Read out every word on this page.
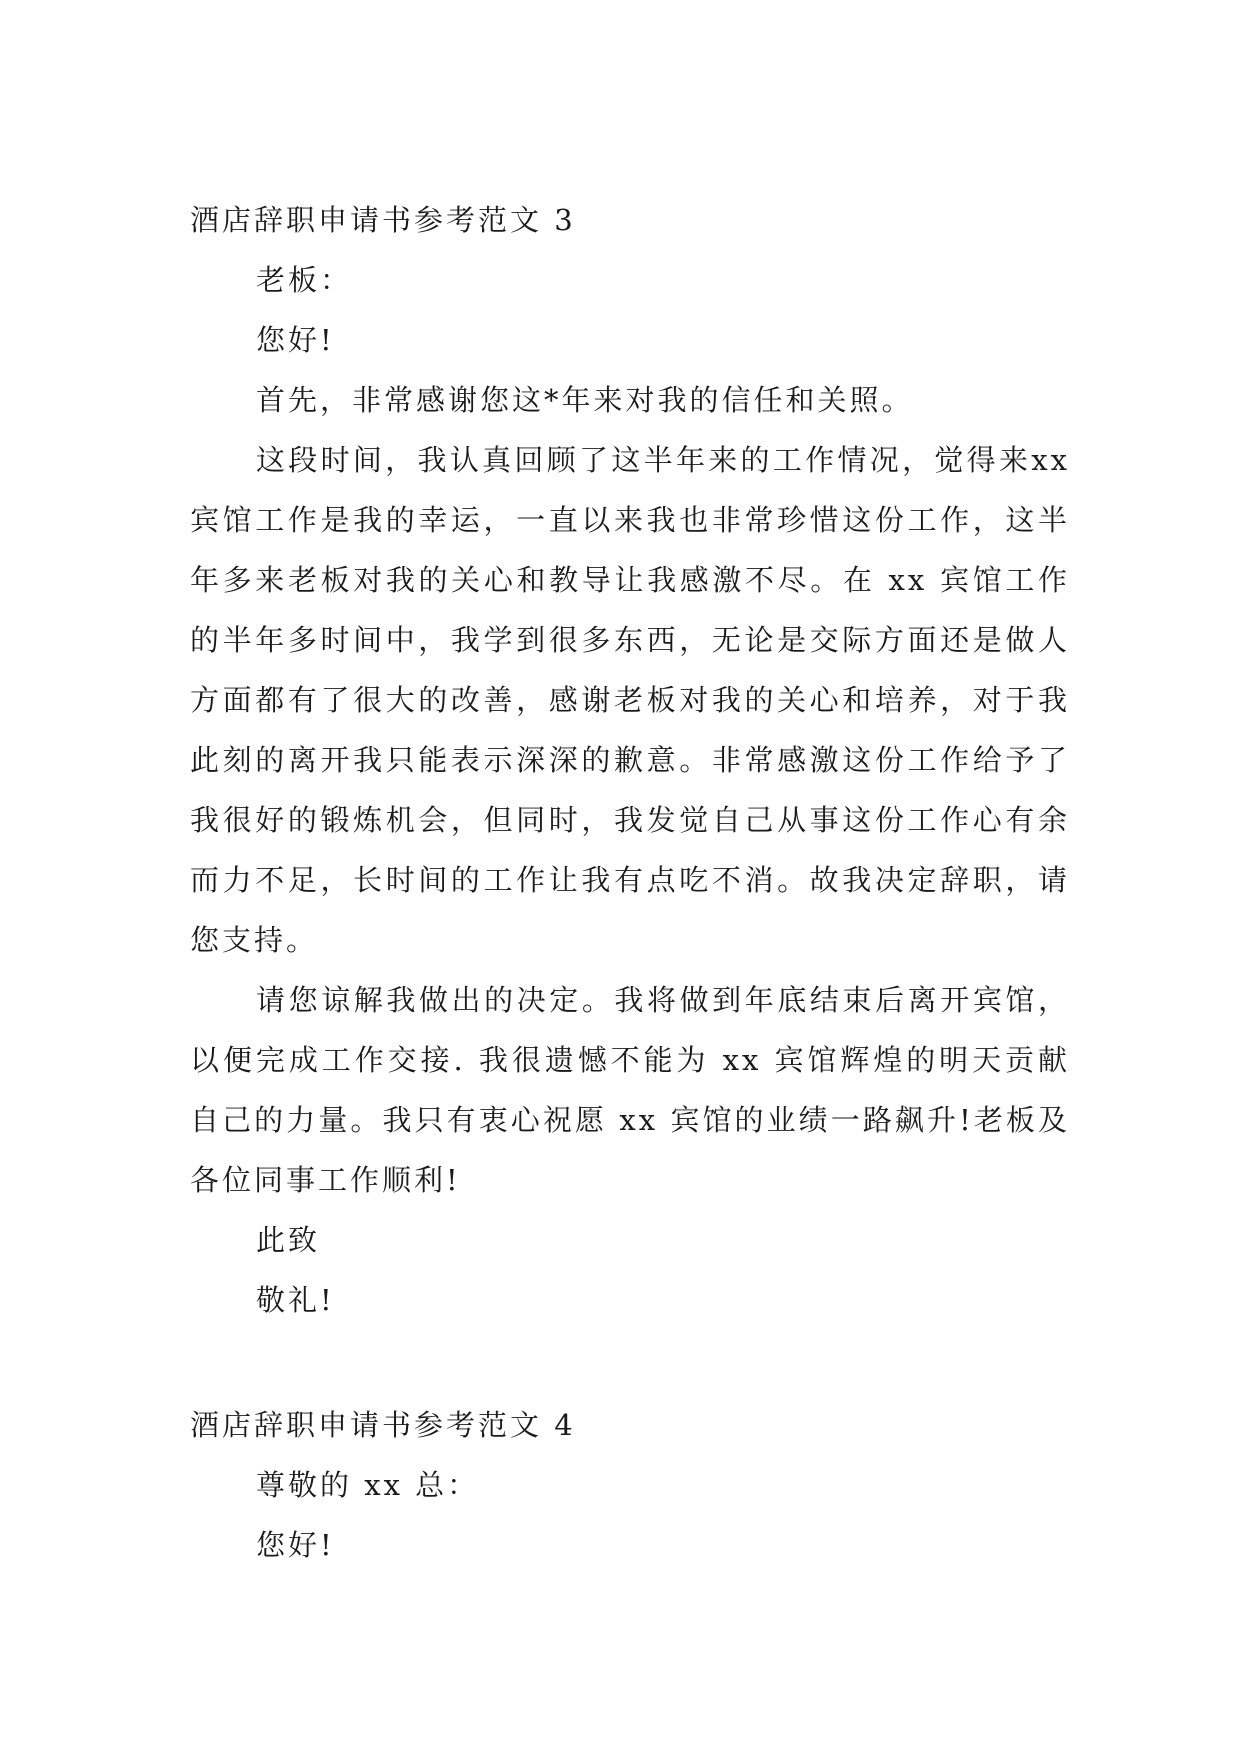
酒店辞职申请书参考范文 3
老板：
您好!

首先，非常感谢您这*年来对我的信任和关照。

这段时间，我认真回顾了这半年来的工作情况，觉得来xx 宾馆工作是我的幸运，一直以来我也非常珍惜这份工作，这半年多来老板对我的关心和教导让我感激不尽。在 xx 宾馆工作的半年多时间中，我学到很多东西，无论是交际方面还是做人方面都有了很大的改善，感谢老板对我的关心和培养，对于我此刻的离开我只能表示深深的歉意。非常感激这份工作给予了我很好的锻炼机会，但同时，我发觉自己从事这份工作心有余而力不足，长时间的工作让我有点吃不消。故我决定辞职，请您支持。

请您谅解我做出的决定。我将做到年底结束后离开宾馆，以便完成工作交接. 我很遗憾不能为 xx 宾馆辉煌的明天贡献自己的力量。我只有衷心祝愿 xx 宾馆的业绩一路飙升!老板及各位同事工作顺利!

此致
敬礼!
酒店辞职申请书参考范文 4
尊敬的 xx 总：
您好!
